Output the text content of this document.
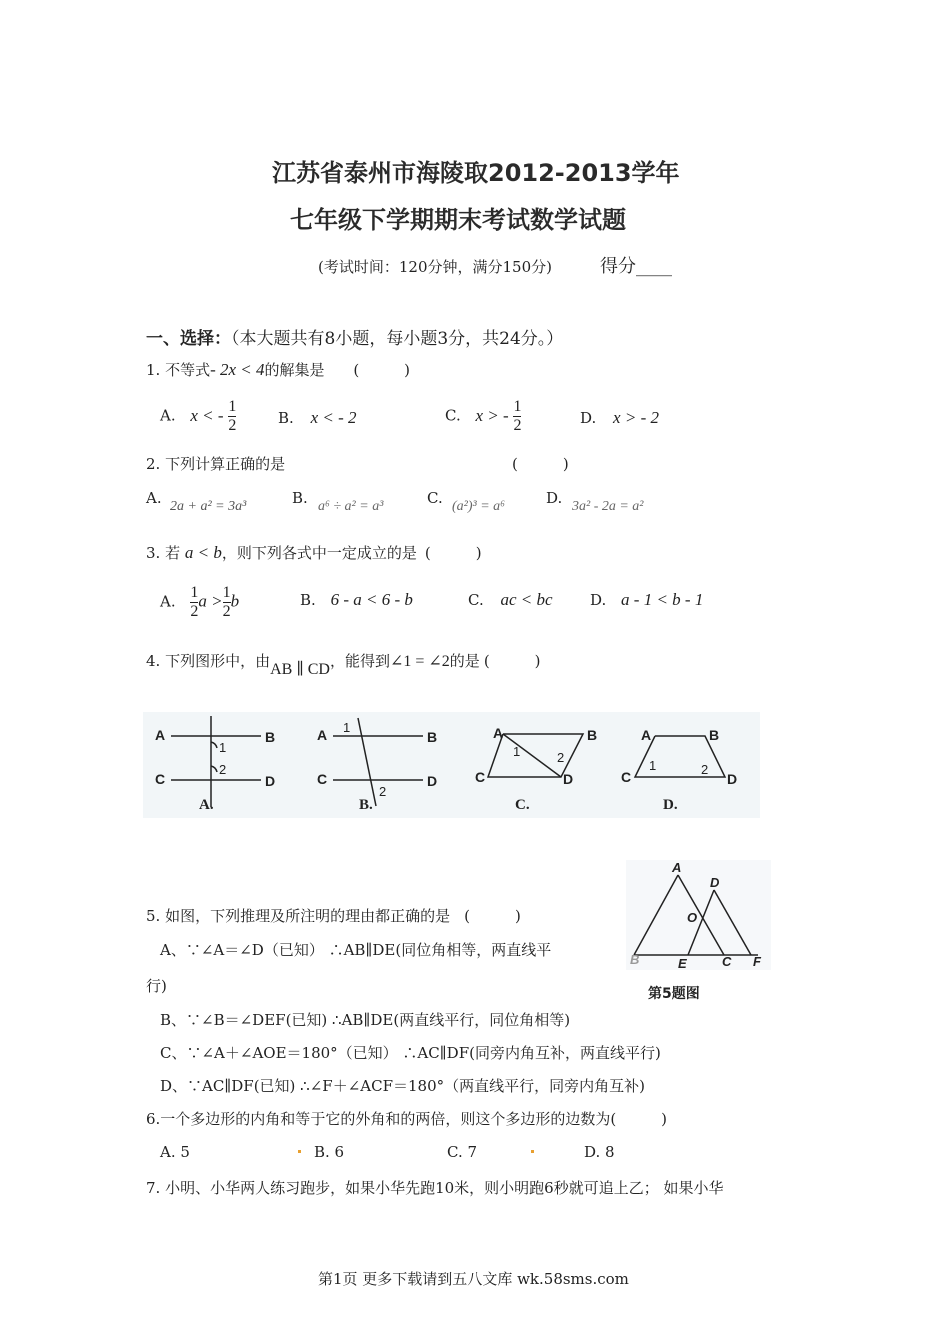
江苏省泰州市海陵取2012-2013学年
七年级下学期期末考试数学试题
(考试时间：120分钟，满分150分)	得分____
一、选择：（本大题共有8小题，每小题3分，共24分。）
1. 不等式- 2x < 4的解集是 (　　　)
A. x < - $\frac{1}{2}$	B. x < - 2	C. x > - $\frac{1}{2}$	D. x > - 2
2. 下列计算正确的是	(　　　)
A. 2a + a² = 3a³	B. a⁶ ÷ a² = a³	C. (a²)³ = a⁶	D. 3a² - 2a = a²
3. 若 a < b，则下列各式中一定成立的是 (　　　)
A. $\frac{1}{2}$ $a > \frac{1}{2}$ b	B. 6 - a < 6 - b	C. ac < bc D. a - 1 < b - 1
4. 下列图形中，由AB ∥ CD，能得到∠1 = ∠2的是 (　　　)
A	B
C	D
1
2
A	B
C	D
1
2
A	B
C	D
1	2
A	B
C	D
1	2
A.	B.	C.	D.
5. 如图，下列推理及所注明的理由都正确的是 (　　　)
A、∵∠A＝∠D（已知） ∴AB∥DE(同位角相等，两直线平
行)
B、∵∠B＝∠DEF(已知) ∴AB∥DE(两直线平行，同位角相等)
C、∵∠A＋∠AOE＝180°（已知） ∴AC∥DF(同旁内角互补，两直线平行)
D、∵AC∥DF(已知) ∴∠F＋∠ACF＝180°（两直线平行，同旁内角互补)
A
D
O
B	E	C F
第5题图
6.一个多边形的内角和等于它的外角和的两倍，则这个多边形的边数为(　　　)
A. 5	B. 6	C. 7	D. 8
7. 小明、小华两人练习跑步，如果小华先跑10米，则小明跑6秒就可追上乙； 如果小华
第1页 更多下载请到五八文库 wk.58sms.com
